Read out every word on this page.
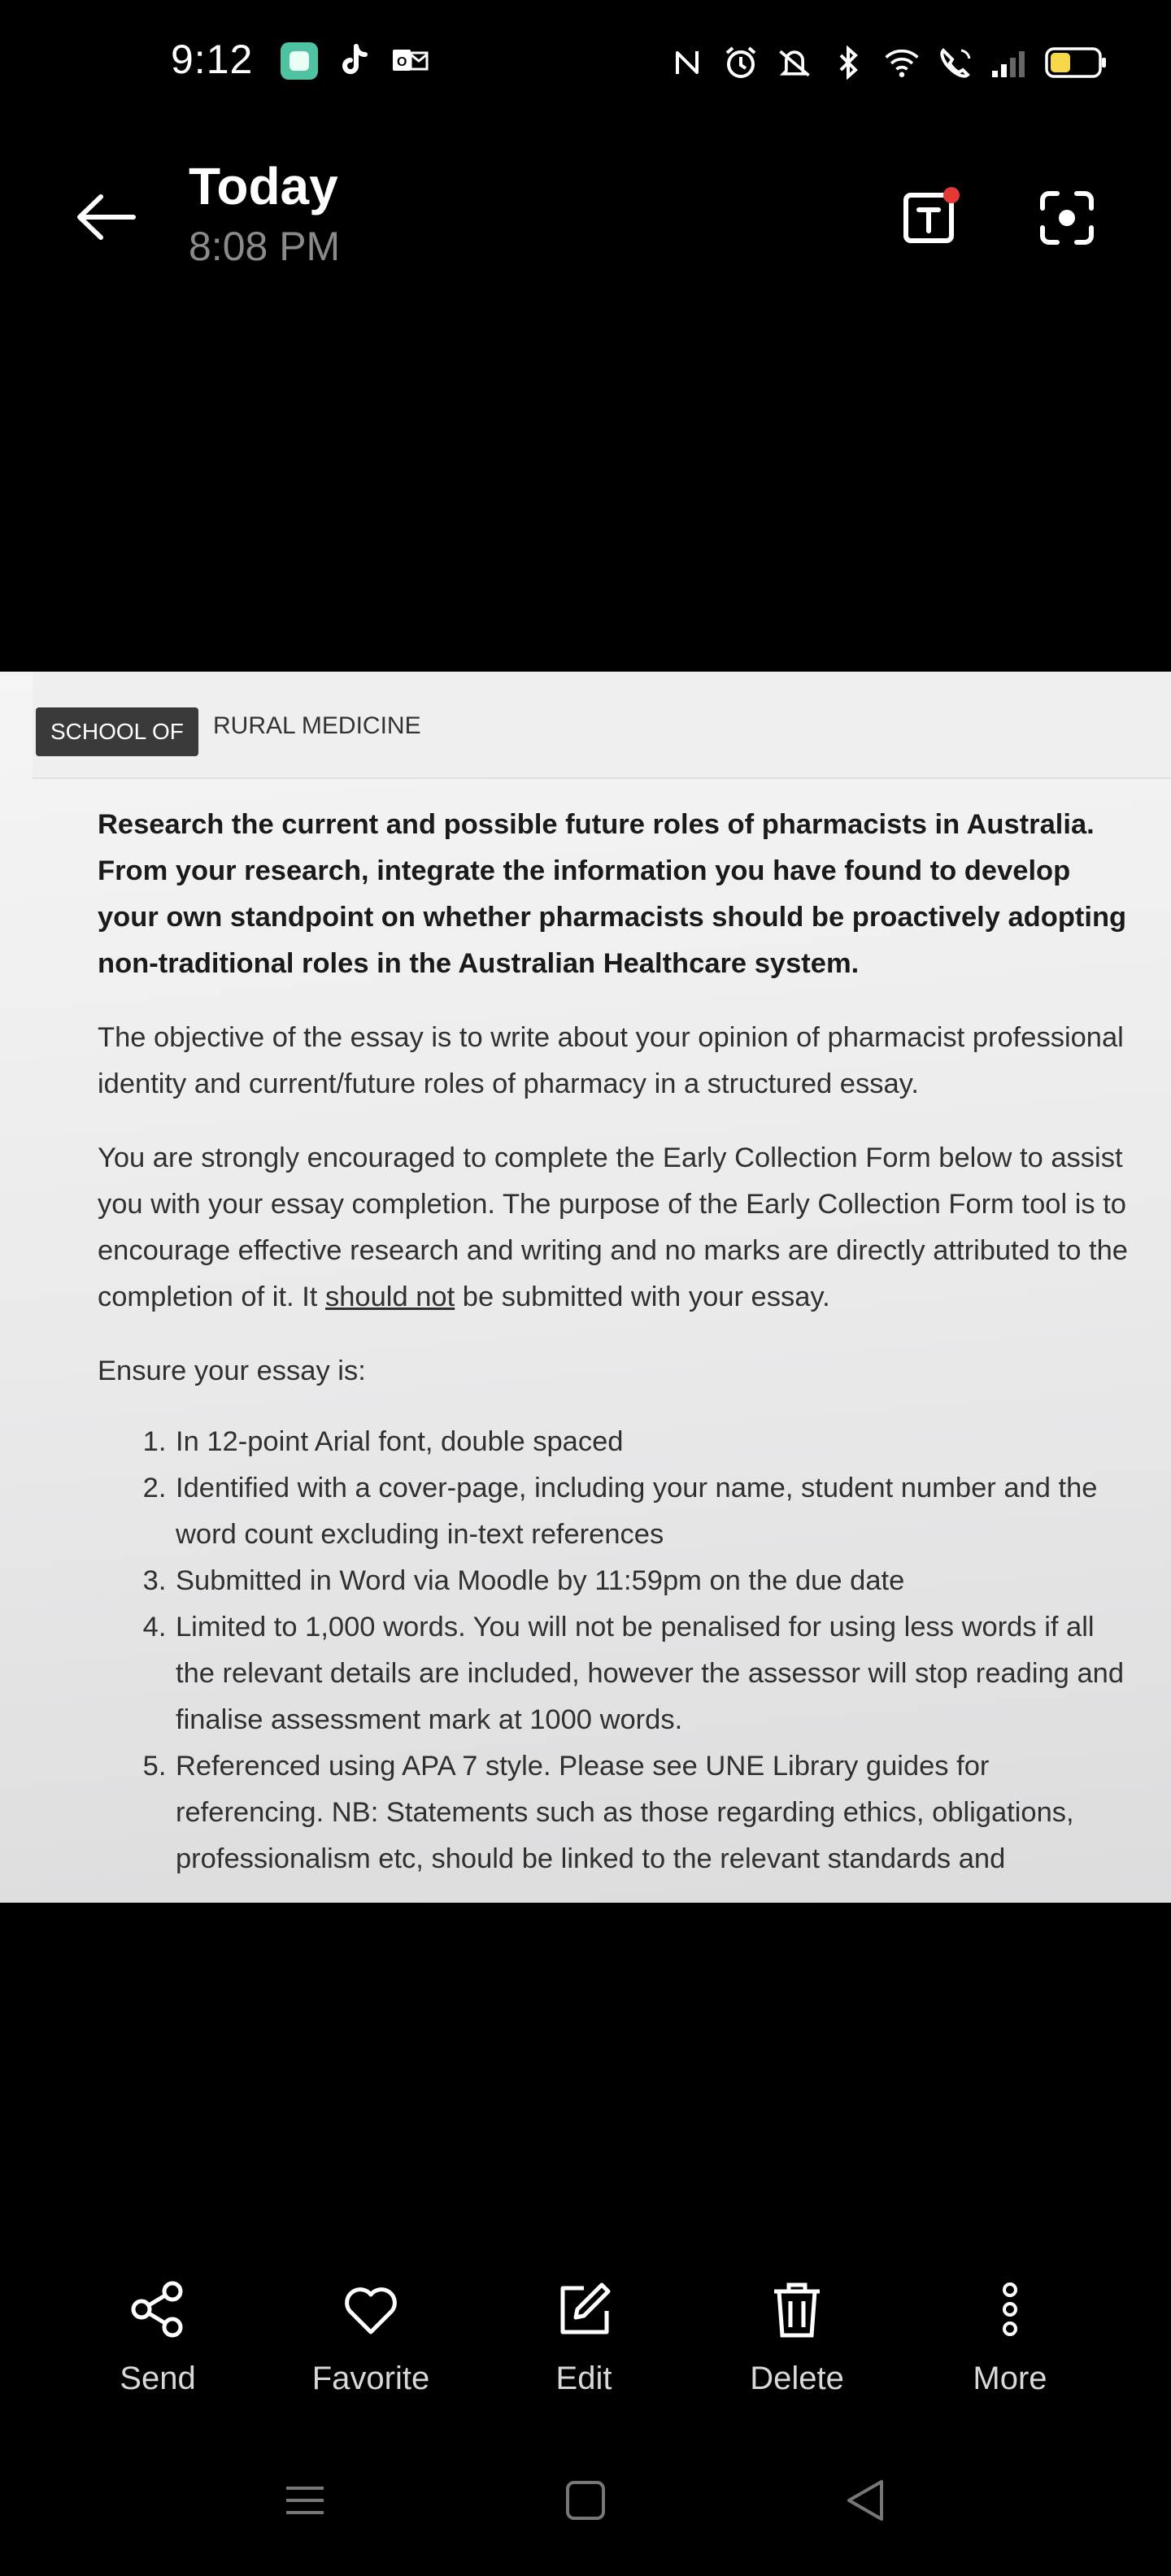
9:12	O
Today
8:08 PM
SCHOOL OF	RURAL MEDICINE

Research the current and possible future roles of pharmacists in Australia. From your research, integrate the information you have found to develop your own standpoint on whether pharmacists should be proactively adopting non-traditional roles in the Australian Healthcare system.

The objective of the essay is to write about your opinion of pharmacist professional identity and current/future roles of pharmacy in a structured essay.

You are strongly encouraged to complete the Early Collection Form below to assist you with your essay completion. The purpose of the Early Collection Form tool is to encourage effective research and writing and no marks are directly attributed to the completion of it. It should not be submitted with your essay.

Ensure your essay is:

1. In 12-point Arial font, double spaced
2. Identified with a cover-page, including your name, student number and the word count excluding in-text references
3. Submitted in Word via Moodle by 11:59pm on the due date
4. Limited to 1,000 words. You will not be penalised for using less words if all the relevant details are included, however the assessor will stop reading and finalise assessment mark at 1000 words.
5. Referenced using APA 7 style. Please see UNE Library guides for referencing. NB: Statements such as those regarding ethics, obligations, professionalism etc, should be linked to the relevant standards and
Send	Favorite	Edit	Delete	More
